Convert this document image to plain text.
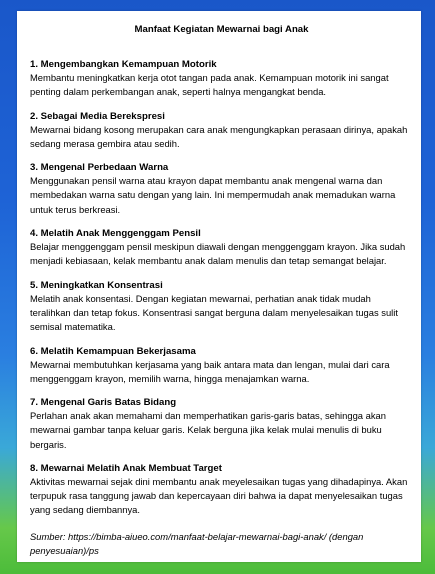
Manfaat Kegiatan Mewarnai bagi Anak
1. Mengembangkan Kemampuan Motorik

Membantu meningkatkan kerja otot tangan pada anak. Kemampuan motorik ini sangat penting dalam perkembangan anak, seperti halnya mengangkat benda.

2. Sebagai Media Berekspresi

Mewarnai bidang kosong merupakan cara anak mengungkapkan perasaan dirinya, apakah sedang merasa gembira atau sedih.

3. Mengenal Perbedaan Warna

Menggunakan pensil warna atau krayon dapat membantu anak mengenal warna dan membedakan warna satu dengan yang lain. Ini mempermudah anak memadukan warna untuk terus berkreasi.

4. Melatih Anak Menggenggam Pensil

Belajar menggenggam pensil meskipun diawali dengan menggenggam krayon. Jika sudah menjadi kebiasaan, kelak membantu anak dalam menulis dan tetap semangat belajar.

5. Meningkatkan Konsentrasi

Melatih anak konsentasi. Dengan kegiatan mewarnai, perhatian anak tidak mudah teralihkan dan tetap fokus. Konsentrasi sangat berguna dalam menyelesaikan tugas sulit semisal matematika.

6. Melatih Kemampuan Bekerjasama

Mewarnai membutuhkan kerjasama yang baik antara mata dan lengan, mulai dari cara menggenggam krayon, memilih warna, hingga menajamkan warna.

7. Mengenal Garis Batas Bidang

Perlahan anak akan memahami dan memperhatikan garis-garis batas, sehingga akan mewarnai gambar tanpa keluar garis. Kelak berguna jika kelak mulai menulis di buku bergaris.

8. Mewarnai Melatih Anak Membuat Target

Aktivitas mewarnai sejak dini membantu anak meyelesaikan tugas yang dihadapinya. Akan terpupuk rasa tanggung jawab dan kepercayaan diri bahwa ia dapat menyelesaikan tugas yang sedang diembannya.

Sumber: https://bimba-aiueo.com/manfaat-belajar-mewarnai-bagi-anak/ (dengan penyesuaian)/ps
